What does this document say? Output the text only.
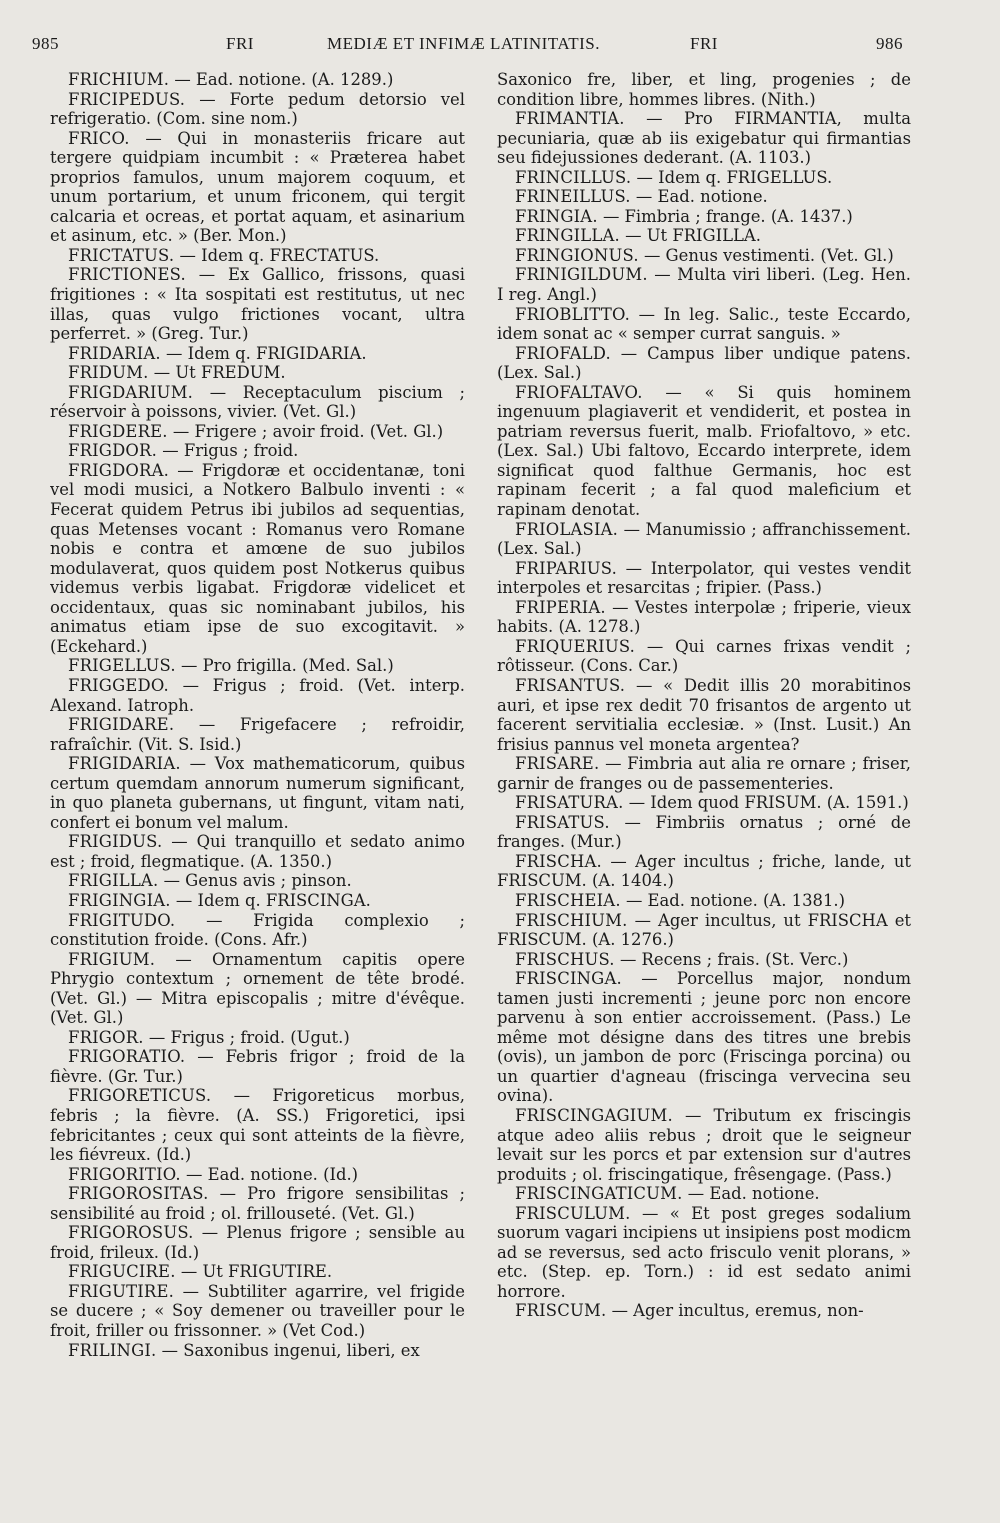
985	FRI	MEDIÆ ET INFIMÆ LATINITATIS.	FRI	986

FRICHIUM. — Ead. notione. (A. 1289.)

FRICIPEDUS. — Forte pedum detorsio vel refrigeratio. (Com. sine nom.)

FRICO. — Qui in monasteriis fricare aut tergere quidpiam incumbit : « Præterea habet proprios famulos, unum majorem coquum, et unum portarium, et unum friconem, qui tergit calcaria et ocreas, et portat aquam, et asinarium et asinum, etc. » (Ber. Mon.)

FRICTATUS. — Idem q. FRECTATUS.

FRICTIONES. — Ex Gallico, frissons, quasi frigitiones : « Ita sospitati est restitutus, ut nec illas, quas vulgo frictiones vocant, ultra perferret. » (Greg. Tur.)

FRIDARIA. — Idem q. FRIGIDARIA.

FRIDUM. — Ut FREDUM.

FRIGDARIUM. — Receptaculum piscium ; réservoir à poissons, vivier. (Vet. Gl.)

FRIGDERE. — Frigere ; avoir froid. (Vet. Gl.)

FRIGDOR. — Frigus ; froid.

FRIGDORA. — Frigdoræ et occidentanæ, toni vel modi musici, a Notkero Balbulo inventi : « Fecerat quidem Petrus ibi jubilos ad sequentias, quas Metenses vocant : Romanus vero Romane nobis e contra et amœne de suo jubilos modulaverat, quos quidem post Notkerus quibus videmus verbis ligabat. Frigdoræ videlicet et occidentaux, quas sic nominabant jubilos, his animatus etiam ipse de suo excogitavit. » (Eckehard.)

FRIGELLUS. — Pro frigilla. (Med. Sal.)

FRIGGEDO. — Frigus ; froid. (Vet. interp. Alexand. Iatroph.

FRIGIDARE. — Frigefacere ; refroidir, rafraîchir. (Vit. S. Isid.)

FRIGIDARIA. — Vox mathematicorum, quibus certum quemdam annorum numerum significant, in quo planeta gubernans, ut fingunt, vitam nati, confert ei bonum vel malum.

FRIGIDUS. — Qui tranquillo et sedato animo est ; froid, flegmatique. (A. 1350.)

FRIGILLA. — Genus avis ; pinson.

FRIGINGIA. — Idem q. FRISCINGA.

FRIGITUDO. — Frigida complexio ; constitution froide. (Cons. Afr.)

FRIGIUM. — Ornamentum capitis opere Phrygio contextum ; ornement de tête brodé. (Vet. Gl.) — Mitra episcopalis ; mitre d'évêque. (Vet. Gl.)

FRIGOR. — Frigus ; froid. (Ugut.)

FRIGORATIO. — Febris frigor ; froid de la fièvre. (Gr. Tur.)

FRIGORETICUS. — Frigoreticus morbus, febris ; la fièvre. (A. SS.) Frigoretici, ipsi febricitantes ; ceux qui sont atteints de la fièvre, les fiévreux. (Id.)

FRIGORITIO. — Ead. notione. (Id.)

FRIGOROSITAS. — Pro frigore sensibilitas ; sensibilité au froid ; ol. frillouseté. (Vet. Gl.)

FRIGOROSUS. — Plenus frigore ; sensible au froid, frileux. (Id.)

FRIGUCIRE. — Ut FRIGUTIRE.

FRIGUTIRE. — Subtiliter agarrire, vel frigide se ducere ; « Soy demener ou traveiller pour le froit, friller ou frissonner. » (Vet Cod.)

FRILINGI. — Saxonibus ingenui, liberi, ex

Saxonico fre, liber, et ling, progenies ; de condition libre, hommes libres. (Nith.)

FRIMANTIA. — Pro FIRMANTIA, multa pecuniaria, quæ ab iis exigebatur qui firmantias seu fidejussiones dederant. (A. 1103.)

FRINCILLUS. — Idem q. FRIGELLUS.

FRINEILLUS. — Ead. notione.

FRINGIA. — Fimbria ; frange. (A. 1437.)

FRINGILLA. — Ut FRIGILLA.

FRINGIONUS. — Genus vestimenti. (Vet. Gl.)

FRINIGILDUM. — Multa viri liberi. (Leg. Hen. I reg. Angl.)

FRIOBLITTO. — In leg. Salic., teste Eccardo, idem sonat ac « semper currat sanguis. »

FRIOFALD. — Campus liber undique patens. (Lex. Sal.)

FRIOFALTAVO. — « Si quis hominem ingenuum plagiaverit et vendiderit, et postea in patriam reversus fuerit, malb. Friofaltovo, » etc. (Lex. Sal.) Ubi faltovo, Eccardo interprete, idem significat quod falthue Germanis, hoc est rapinam fecerit ; a fal quod maleficium et rapinam denotat.

FRIOLASIA. — Manumissio ; affranchissement. (Lex. Sal.)

FRIPARIUS. — Interpolator, qui vestes vendit interpoles et resarcitas ; fripier. (Pass.)

FRIPERIA. — Vestes interpolæ ; friperie, vieux habits. (A. 1278.)

FRIQUERIUS. — Qui carnes frixas vendit ; rôtisseur. (Cons. Car.)

FRISANTUS. — « Dedit illis 20 morabitinos auri, et ipse rex dedit 70 frisantos de argento ut facerent servitialia ecclesiæ. » (Inst. Lusit.) An frisius pannus vel moneta argentea?

FRISARE. — Fimbria aut alia re ornare ; friser, garnir de franges ou de passementeries.

FRISATURA. — Idem quod FRISUM. (A. 1591.)

FRISATUS. — Fimbriis ornatus ; orné de franges. (Mur.)

FRISCHA. — Ager incultus ; friche, lande, ut FRISCUM. (A. 1404.)

FRISCHEIA. — Ead. notione. (A. 1381.)

FRISCHIUM. — Ager incultus, ut FRISCHA et FRISCUM. (A. 1276.)

FRISCHUS. — Recens ; frais. (St. Verc.)

FRISCINGA. — Porcellus major, nondum tamen justi incrementi ; jeune porc non encore parvenu à son entier accroissement. (Pass.) Le même mot désigne dans des titres une brebis (ovis), un jambon de porc (Friscinga porcina) ou un quartier d'agneau (friscinga vervecina seu ovina).

FRISCINGAGIUM. — Tributum ex friscingis atque adeo aliis rebus ; droit que le seigneur levait sur les porcs et par extension sur d'autres produits ; ol. friscingatique, frêsengage. (Pass.)

FRISCINGATICUM. — Ead. notione.

FRISCULUM. — « Et post greges sodalium suorum vagari incipiens ut insipiens post modicm ad se reversus, sed acto frisculo venit plorans, » etc. (Step. ep. Torn.) : id est sedato animi horrore.

FRISCUM. — Ager incultus, eremus, non-
